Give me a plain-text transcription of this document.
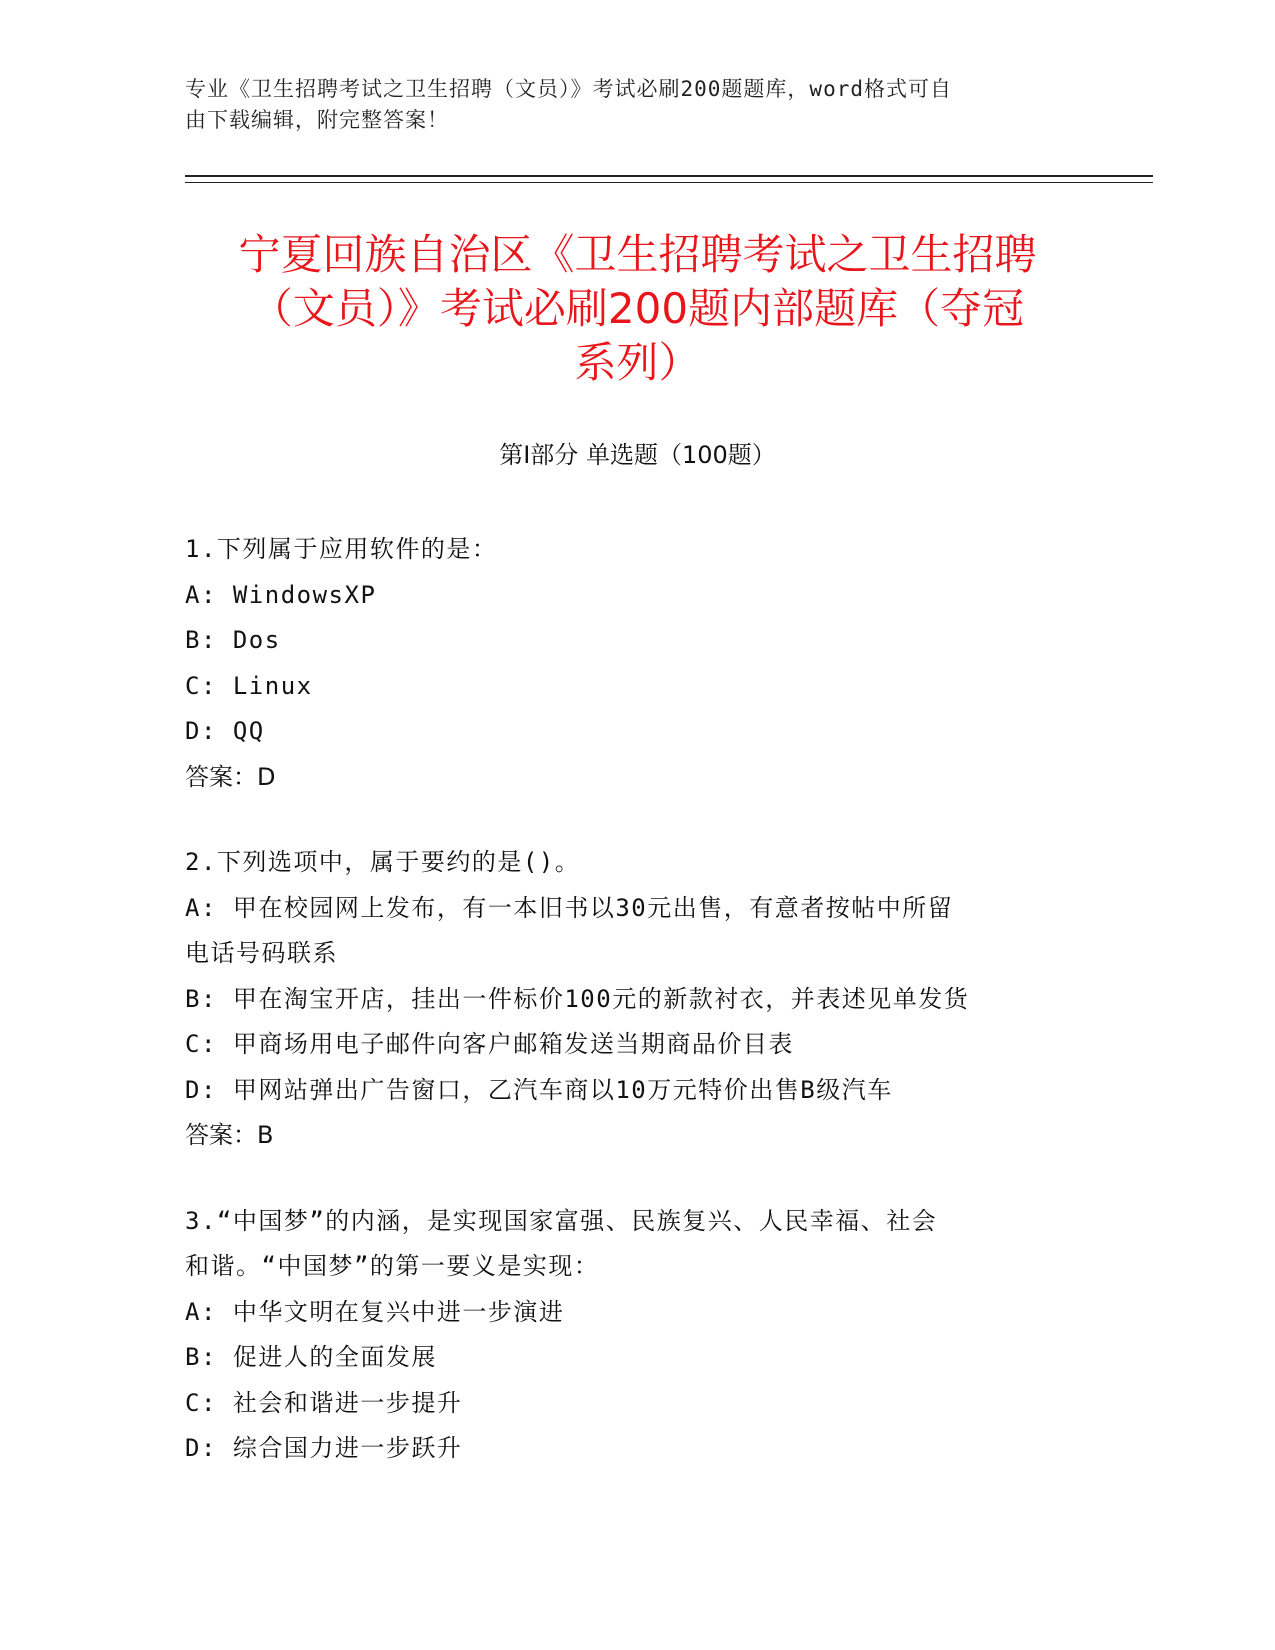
专业《卫生招聘考试之卫生招聘（文员）》考试必刷200题题库，word格式可自
由下载编辑，附完整答案！
宁夏回族自治区《卫生招聘考试之卫生招聘
（文员）》考试必刷200题内部题库（夺冠
系列）
第Ⅰ部分 单选题（100题）

1.下列属于应用软件的是：

A: WindowsXP

B: Dos

C: Linux

D: QQ

答案：D

2.下列选项中，属于要约的是()。

A: 甲在校园网上发布，有一本旧书以30元出售，有意者按帖中所留

电话号码联系

B: 甲在淘宝开店，挂出一件标价100元的新款衬衣，并表述见单发货

C: 甲商场用电子邮件向客户邮箱发送当期商品价目表

D: 甲网站弹出广告窗口，乙汽车商以10万元特价出售B级汽车

答案：B

3.“中国梦”的内涵，是实现国家富强、民族复兴、人民幸福、社会

和谐。“中国梦”的第一要义是实现：

A: 中华文明在复兴中进一步演进

B: 促进人的全面发展

C: 社会和谐进一步提升

D: 综合国力进一步跃升
